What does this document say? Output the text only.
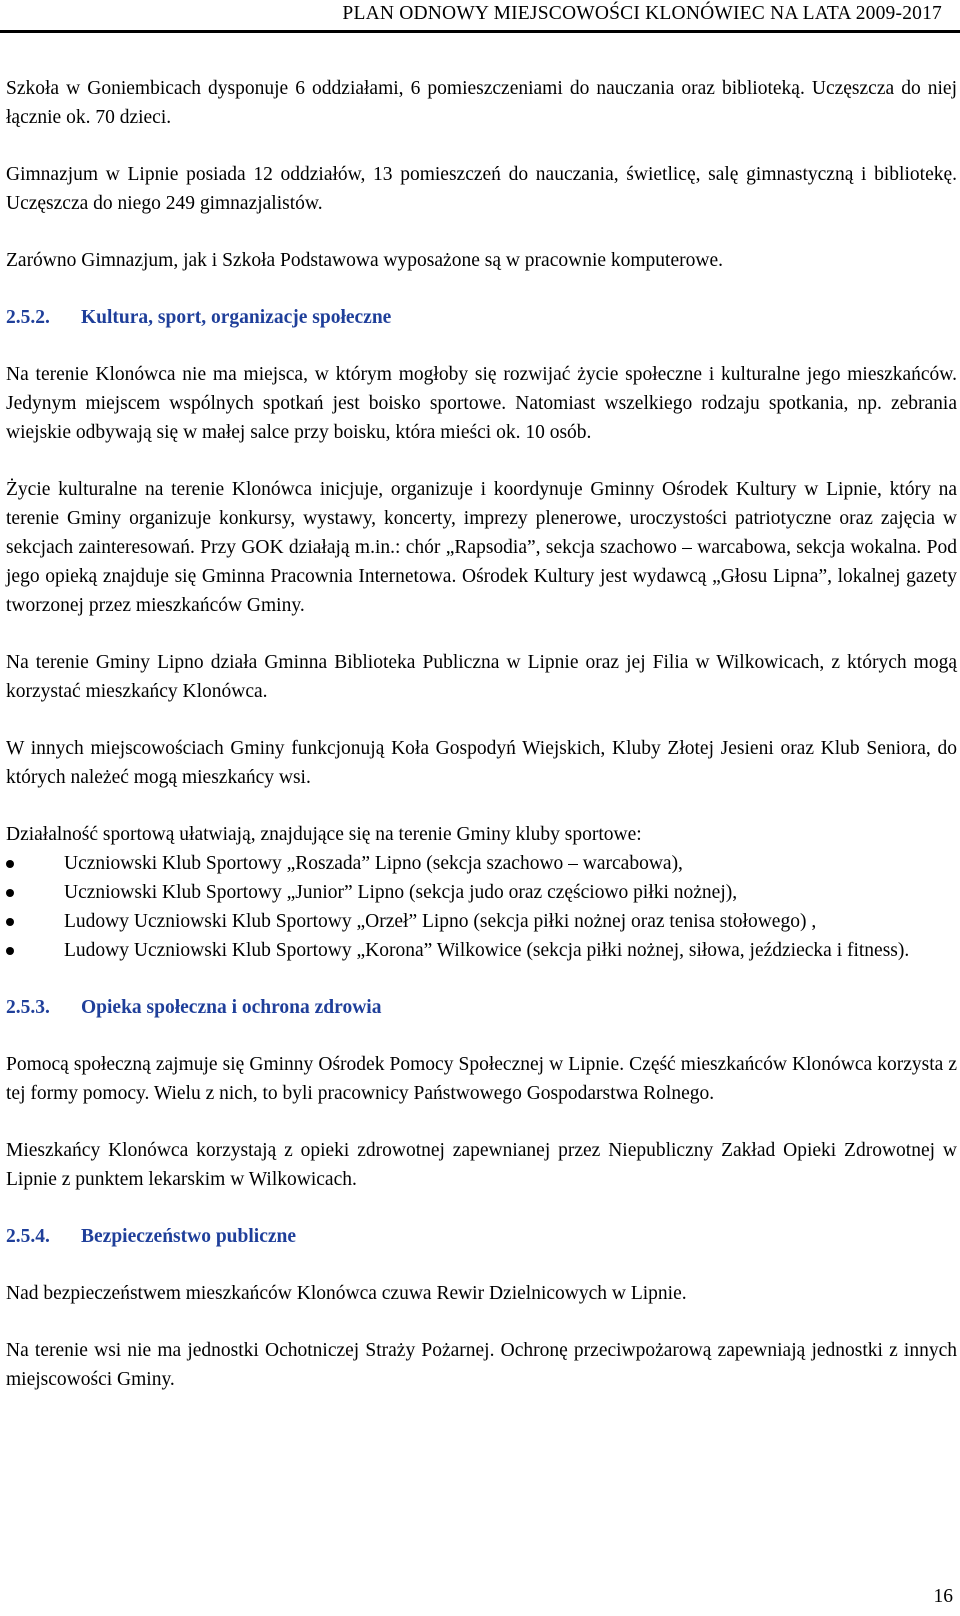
PLAN ODNOWY MIEJSCOWOŚCI KLONÓWIEC NA LATA 2009-2017

Szkoła w Goniembicach dysponuje 6 oddziałami, 6 pomieszczeniami do nauczania oraz biblioteką. Uczęszcza do niej łącznie ok. 70 dzieci.

Gimnazjum w Lipnie posiada 12 oddziałów, 13 pomieszczeń do nauczania, świetlicę, salę gimnastyczną i bibliotekę. Uczęszcza do niego 249 gimnazjalistów.

Zarówno Gimnazjum, jak i Szkoła Podstawowa wyposażone są w pracownie komputerowe.

2.5.2. Kultura, sport, organizacje społeczne

Na terenie Klonówca nie ma miejsca, w którym mogłoby się rozwijać życie społeczne i kulturalne jego mieszkańców. Jedynym miejscem wspólnych spotkań jest boisko sportowe. Natomiast wszelkiego rodzaju spotkania, np. zebrania wiejskie odbywają się w małej salce przy boisku, która mieści ok. 10 osób.

Życie kulturalne na terenie Klonówca inicjuje, organizuje i koordynuje Gminny Ośrodek Kultury w Lipnie, który na terenie Gminy organizuje konkursy, wystawy, koncerty, imprezy plenerowe, uroczystości patriotyczne oraz zajęcia w sekcjach zainteresowań. Przy GOK działają m.in.: chór „Rapsodia”, sekcja szachowo – warcabowa, sekcja wokalna. Pod jego opieką znajduje się Gminna Pracownia Internetowa. Ośrodek Kultury jest wydawcą „Głosu Lipna”, lokalnej gazety tworzonej przez mieszkańców Gminy.

Na terenie Gminy Lipno działa Gminna Biblioteka Publiczna w Lipnie oraz jej Filia w Wilkowicach, z których mogą korzystać mieszkańcy Klonówca.

W innych miejscowościach Gminy funkcjonują Koła Gospodyń Wiejskich, Kluby Złotej Jesieni oraz Klub Seniora, do których należeć mogą mieszkańcy wsi.

Działalność sportową ułatwiają, znajdujące się na terenie Gminy kluby sportowe:

Uczniowski Klub Sportowy „Roszada” Lipno (sekcja szachowo – warcabowa),
Uczniowski Klub Sportowy „Junior” Lipno (sekcja judo oraz częściowo piłki nożnej),
Ludowy Uczniowski Klub Sportowy „Orzeł” Lipno (sekcja piłki nożnej oraz tenisa stołowego) ,
Ludowy Uczniowski Klub Sportowy „Korona” Wilkowice (sekcja piłki nożnej, siłowa, jeździecka i fitness).
2.5.3. Opieka społeczna i ochrona zdrowia

Pomocą społeczną zajmuje się Gminny Ośrodek Pomocy Społecznej w Lipnie. Część mieszkańców Klonówca korzysta z tej formy pomocy. Wielu z nich, to byli pracownicy Państwowego Gospodarstwa Rolnego.

Mieszkańcy Klonówca korzystają z opieki zdrowotnej zapewnianej przez Niepubliczny Zakład Opieki Zdrowotnej w Lipnie z punktem lekarskim w Wilkowicach.

2.5.4. Bezpieczeństwo publiczne

Nad bezpieczeństwem mieszkańców Klonówca czuwa Rewir Dzielnicowych w Lipnie.

Na terenie wsi nie ma jednostki Ochotniczej Straży Pożarnej. Ochronę przeciwpożarową zapewniają jednostki z innych miejscowości Gminy.

16
